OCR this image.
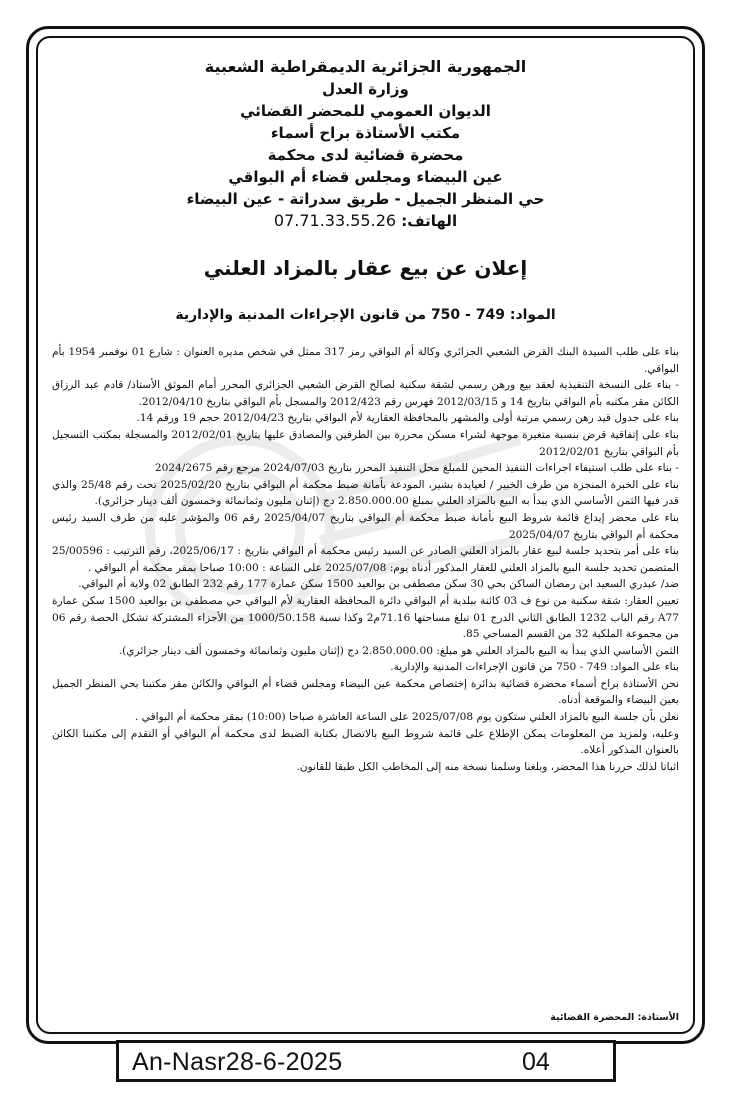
الجمهورية الجزائرية الديمقراطية الشعبية

وزارة العدل

الديوان العمومي للمحضر القضائي

مكتب الأستاذة براح أسماء

محضرة قضائية لدى محكمة

عين البيضاء ومجلس قضاء أم البواقي

حي المنظر الجميل - طريق سدراتة - عين البيضاء

الهاتف: 07.71.33.55.26

إعلان عن بيع عقار بالمزاد العلني
المواد: 749 - 750 من قانون الإجراءات المدنية والإدارية

بناء على طلب السيدة البنك القرض الشعبي الجزائري وكالة أم البواقي رمز 317 ممثل في شخص مديره العنوان : شارع 01 نوفمبر 1954 بأم البواقي.

- بناء على النسخة التنفيذية لعقد بيع ورهن رسمي لشقة سكنية لصالح القرض الشعبي الجزائري المحرر أمام الموثق الأستاذ/ قادم عبد الرزاق الكائن مقر مكتبه بأم البواقي بتاريخ 14 و 2012/03/15 فهرس رقم 2012/423 والمسجل بأم البواقي بتاريخ 2012/04/10.

بناء على جدول قيد رهن رسمي مرتبة أولى والمشهر بالمحافظة العقارية لأم البواقي بتاريخ 2012/04/23 حجم 19 ورقم 14.

بناء على إتفاقية قرض بنسبة متغيرة موجهة لشراء مسكن محررة بين الطرفين والمصادق عليها بتاريخ 2012/02/01 والمسجلة بمكتب التسجيل بأم البواقي بتاريخ 2012/02/01

- بناء على طلب استيفاء اجراءات التنفيذ المحين للمبلغ محل التنفيذ المحرر بتاريخ 2024/07/03 مرجع رقم 2024/2675

بناء على الخبرة المنجزة من طرف الخبير / لعيايدة بشير، المودعة بأمانة ضبط محكمة أم البواقي بتاريخ 2025/02/20 تحت رقم 25/48 والذي قدر فيها الثمن الأساسي الذي يبدأ به البيع بالمزاد العلني بمبلغ 2.850.000.00 دج (إثنان مليون وثمانمائة وخمسون ألف دينار جزائري).

بناء على محضر إيداع قائمة شروط البيع بأمانة ضبط محكمة أم البواقي بتاريخ 2025/04/07 رقم 06 والمؤشر عليه من طرف السيد رئيس محكمة أم البواقي بتاريخ 2025/04/07

بناء على أمر بتحديد جلسة لبيع عقار بالمزاد العلني الصادر عن السيد رئيس محكمة أم البواقي بتاريخ : 2025/06/17، رقم الترتيب : 25/00596 المتضمن تحديد جلسة البيع بالمزاد العلني للعقار المذكور أدناه يوم: 2025/07/08 على الساعة : 10:00 صباحا بمقر محكمة أم البواقي .

ضد/ عبدري السعيد ابن رمضان الساكن بحي 30 سكن مصطفى بن بوالعيد 1500 سكن عمارة 177 رقم 232 الطابق 02 ولاية أم البواقي.

تعيين العقار: شقة سكنية من نوع ف 03 كائنة ببلدية أم البواقي دائرة المحافظة العقارية لأم البواقي حي مصطفى بن بوالعيد 1500 سكن عمارة A77 رقم الباب 1232 الطابق الثاني الدرج 01 تبلغ مساحتها 71.16م2 وكذا نسبة 1000/50.158 من الأجزاء المشتركة تشكل الحصة رقم 06 من مجموعة الملكية 32 من القسم المساحي 85.

الثمن الأساسي الذي يبدأ به البيع بالمزاد العلني هو مبلغ: 2.850.000.00 دج (إثنان مليون وثمانمائة وخمسون ألف دينار جزائري).

بناء على المواد: 749 - 750 من قانون الإجراءات المدنية والإدارية.

نحن الأستاذة براح أسماء محضرة قضائية بدائرة إختصاص محكمة عين البيضاء ومجلس قضاء أم البواقي والكائن مقر مكتبنا بحي المنظر الجميل بعين البيضاء والموقعة أدناه.

نعلن بأن جلسة البيع بالمزاد العلني ستكون يوم 2025/07/08 على الساعة العاشرة صباحا (10:00) بمقر محكمة أم البواقي .

وعليه، ولمزيد من المعلومات يمكن الإطلاع على قائمة شروط البيع بالاتصال بكتابة الضبط لدى محكمة أم البواقي أو التقدم إلى مكتبنا الكائن بالعنوان المذكور أعلاه.

اثباتا لذلك حررنا هذا المحضر، وبلغنا وسلمنا نسخة منه إلى المخاطب الكل طبقا للقانون.

الأستاذة: المحضرة القضائية
An-Nasr28-6-2025	04
